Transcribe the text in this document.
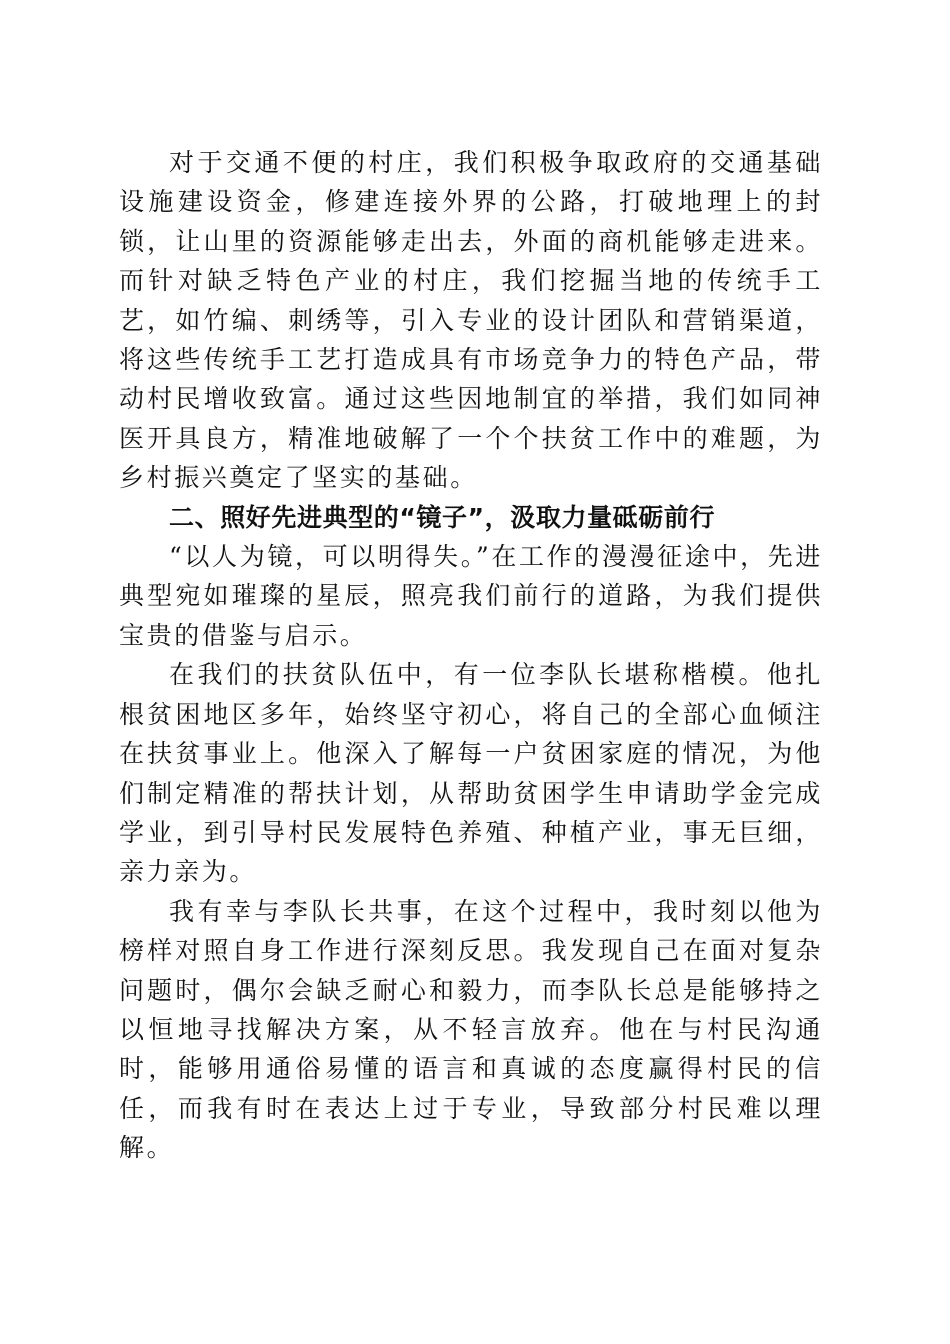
对于交通不便的村庄，我们积极争取政府的交通基础设施建设资金，修建连接外界的公路，打破地理上的封锁，让山里的资源能够走出去，外面的商机能够走进来。而针对缺乏特色产业的村庄，我们挖掘当地的传统手工艺，如竹编、刺绣等，引入专业的设计团队和营销渠道，将这些传统手工艺打造成具有市场竞争力的特色产品，带动村民增收致富。通过这些因地制宜的举措，我们如同神医开具良方，精准地破解了一个个扶贫工作中的难题，为乡村振兴奠定了坚实的基础。

二、照好先进典型的“镜子”，汲取力量砥砺前行

“以人为镜，可以明得失。”在工作的漫漫征途中，先进典型宛如璀璨的星辰，照亮我们前行的道路，为我们提供宝贵的借鉴与启示。

在我们的扶贫队伍中，有一位李队长堪称楷模。他扎根贫困地区多年，始终坚守初心，将自己的全部心血倾注在扶贫事业上。他深入了解每一户贫困家庭的情况，为他们制定精准的帮扶计划，从帮助贫困学生申请助学金完成学业，到引导村民发展特色养殖、种植产业，事无巨细，亲力亲为。

我有幸与李队长共事，在这个过程中，我时刻以他为榜样对照自身工作进行深刻反思。我发现自己在面对复杂问题时，偶尔会缺乏耐心和毅力，而李队长总是能够持之以恒地寻找解决方案，从不轻言放弃。他在与村民沟通时，能够用通俗易懂的语言和真诚的态度赢得村民的信任，而我有时在表达上过于专业，导致部分村民难以理解。
